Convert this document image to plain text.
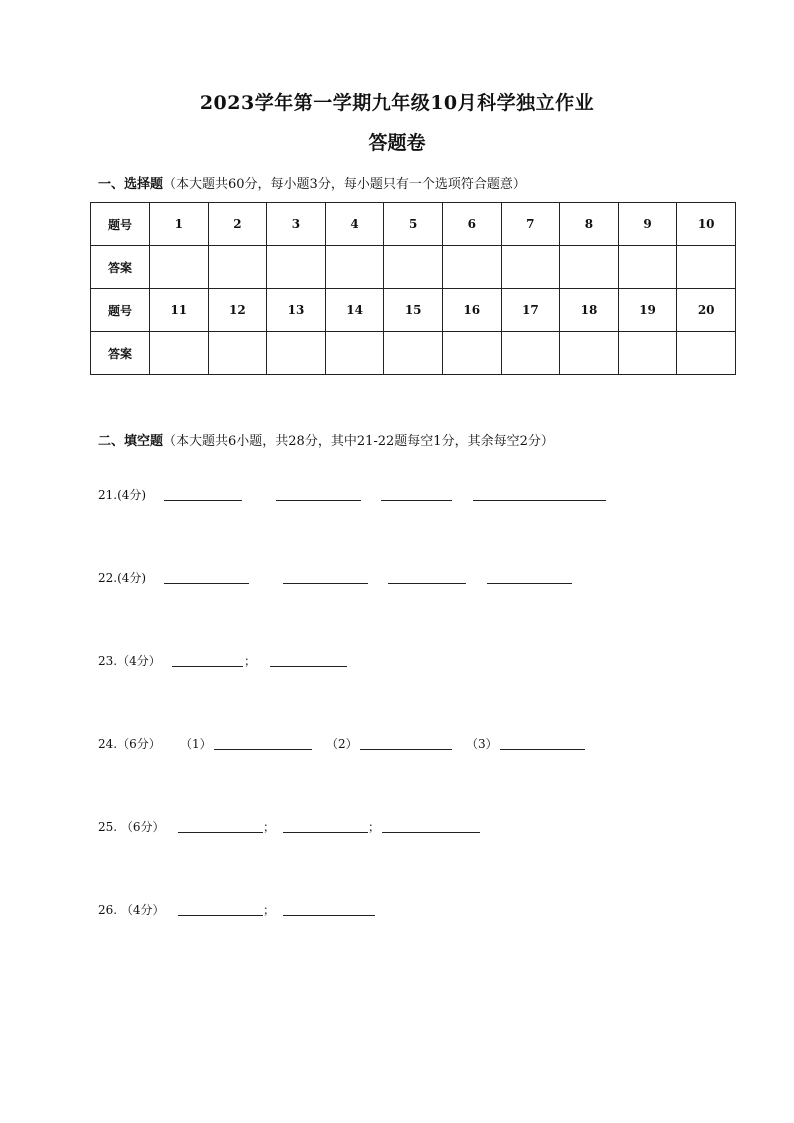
2023学年第一学期九年级10月科学独立作业
答题卷
一、选择题（本大题共60分，每小题3分，每小题只有一个选项符合题意）
题号	1	2	3	4	5	6	7	8	9	10
答案										
题号	11	12	13	14	15	16	17	18	19	20
答案										
二、填空题（本大题共6小题，共28分，其中21-22题每空1分，其余每空2分）
21.(4分)
22.(4分)
23.（4分）	；
24.（6分） （1）	（2）	（3）
25. （6分）	；	；
26. （4分）	；
